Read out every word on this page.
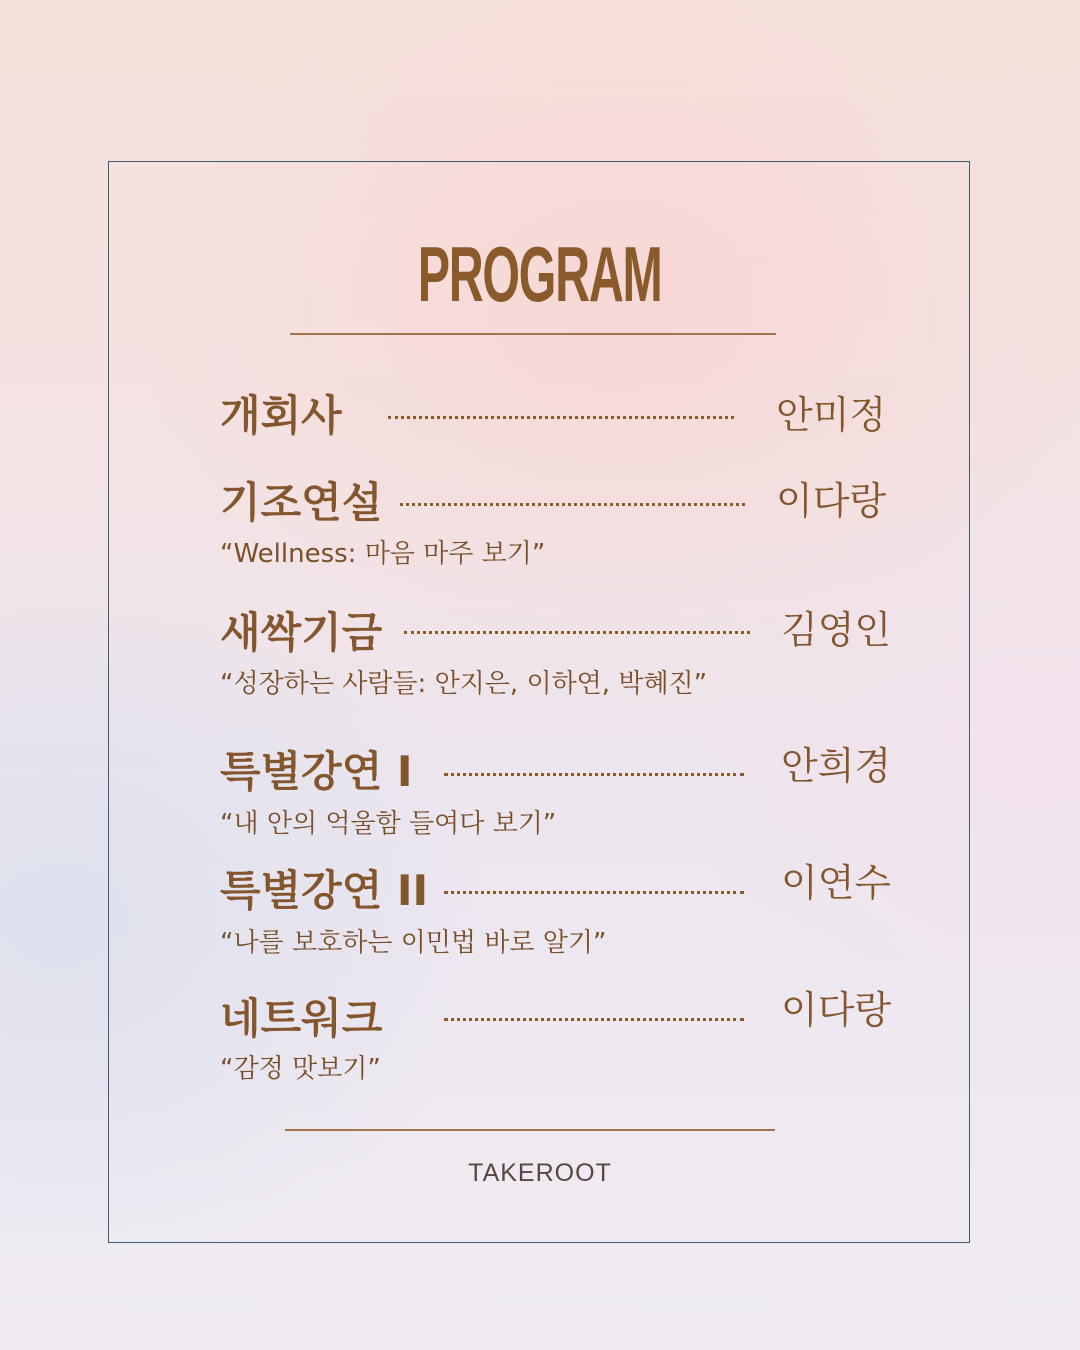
PROGRAM
개회사	안미정
기조연설	이다랑
“Wellness: 마음 마주 보기”
새싹기금	김영인
“성장하는 사람들: 안지은, 이하연, 박혜진”
특별강연 I	안희경
“내 안의 억울함 들여다 보기”
특별강연 II	이연수
“나를 보호하는 이민법 바로 알기”
네트워크	이다랑
“감정 맛보기”
TAKEROOT
